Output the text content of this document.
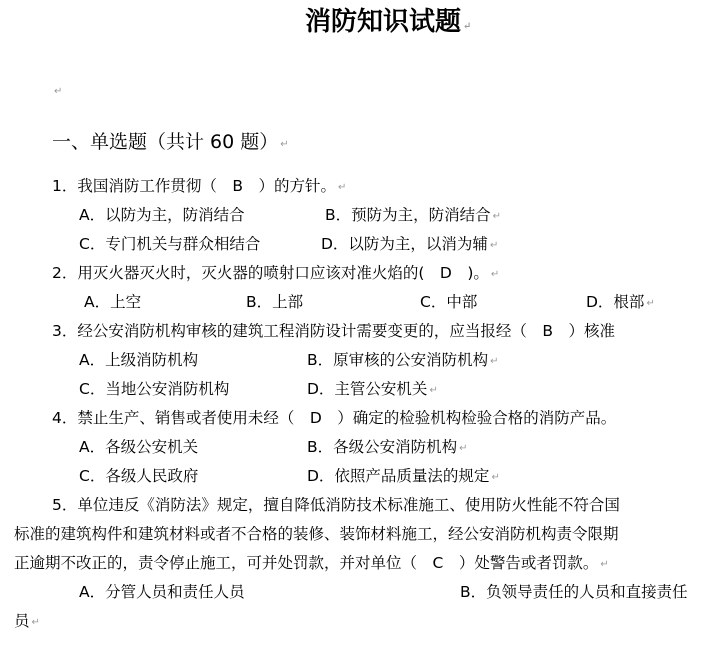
消防知识试题 ↵
↵
一、单选题（共计 60 题） ↵
1．我国消防工作贯彻（　B　）的方针。 ↵
A．以防为主，防消结合	B．预防为主，防消结合 ↵
C．专门机关与群众相结合	D．以防为主，以消为辅 ↵
2．用灭火器灭火时，灭火器的喷射口应该对准火焰的(　D　)。 ↵
A．上空	B．上部	C．中部	D．根部 ↵
3．经公安消防机构审核的建筑工程消防设计需要变更的，应当报经（　B　）核准
A．上级消防机构	B．原审核的公安消防机构 ↵
C．当地公安消防机构	D．主管公安机关 ↵
4．禁止生产、销售或者使用未经（　D　）确定的检验机构检验合格的消防产品。
A．各级公安机关	B．各级公安消防机构 ↵
C．各级人民政府	D．依照产品质量法的规定 ↵
5．单位违反《消防法》规定，擅自降低消防技术标准施工、使用防火性能不符合国
标准的建筑构件和建筑材料或者不合格的装修、装饰材料施工，经公安消防机构责令限期
正逾期不改正的，责令停止施工，可并处罚款，并对单位（　C　）处警告或者罚款。 ↵
A．分管人员和责任人员	B．负领导责任的人员和直接责任
员 ↵
